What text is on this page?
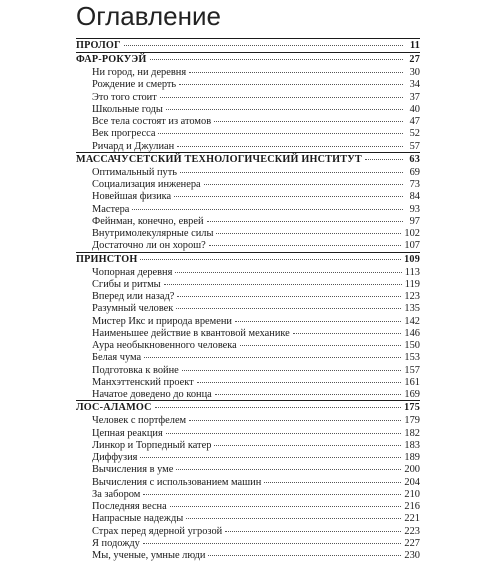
Оглавление
ПРОЛОГ	11
ФАР-РОКУЭЙ	27
Ни город, ни деревня	30
Рождение и смерть	34
Это того стоит	37
Школьные годы	40
Все тела состоят из атомов	47
Век прогресса	52
Ричард и Джулиан	57
МАССАЧУСЕТСКИЙ ТЕХНОЛОГИЧЕСКИЙ ИНСТИТУТ	63
Оптимальный путь	69
Социализация инженера	73
Новейшая физика	84
Мастера	93
Фейнман, конечно, еврей	97
Внутримолекулярные силы	102
Достаточно ли он хорош?	107
ПРИНСТОН	109
Чопорная деревня	113
Сгибы и ритмы	119
Вперед или назад?	123
Разумный человек	135
Мистер Икс и природа времени	142
Наименьшее действие в квантовой механике	146
Аура необыкновенного человека	150
Белая чума	153
Подготовка к войне	157
Манхэттенский проект	161
Начатое доведено до конца	169
ЛОС-АЛАМОС	175
Человек с портфелем	179
Цепная реакция	182
Линкор и Торпедный катер	183
Диффузия	189
Вычисления в уме	200
Вычисления с использованием машин	204
За забором	210
Последняя весна	216
Напрасные надежды	221
Страх перед ядерной угрозой	223
Я подожду	227
Мы, ученые, умные люди	230
